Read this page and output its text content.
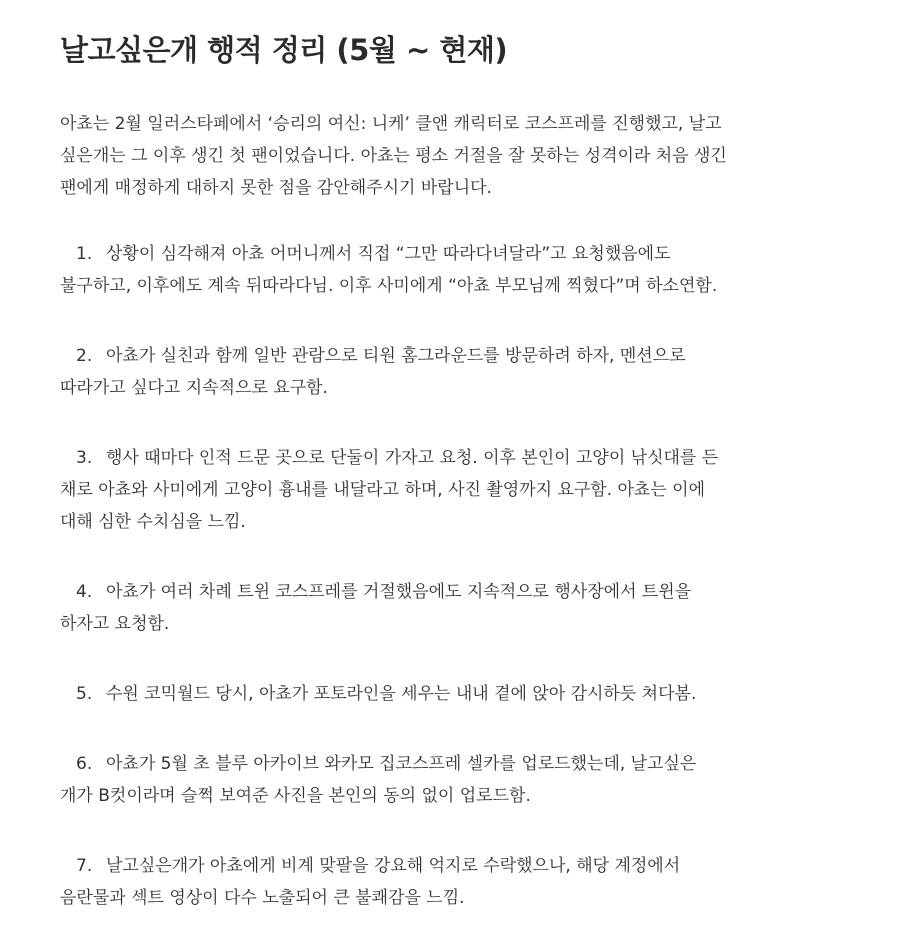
날고싶은개 행적 정리 (5월 ~ 현재)

아쵸는 2월 일러스타페에서 ‘승리의 여신: 니케’ 클앤 캐릭터로 코스프레를 진행했고, 날고
싶은개는 그 이후 생긴 첫 팬이었습니다. 아쵸는 평소 거절을 잘 못하는 성격이라 처음 생긴
팬에게 매정하게 대하지 못한 점을 감안해주시기 바랍니다.

1. 상황이 심각해져 아쵸 어머니께서 직접 “그만 따라다녀달라”고 요청했음에도
불구하고, 이후에도 계속 뒤따라다님. 이후 사미에게 “아쵸 부모님께 찍혔다”며 하소연함.
2. 아쵸가 실친과 함께 일반 관람으로 티원 홈그라운드를 방문하려 하자, 멘션으로
따라가고 싶다고 지속적으로 요구함.
3. 행사 때마다 인적 드문 곳으로 단둘이 가자고 요청. 이후 본인이 고양이 낚싯대를 든
채로 아쵸와 사미에게 고양이 흉내를 내달라고 하며, 사진 촬영까지 요구함. 아쵸는 이에
대해 심한 수치심을 느낌.
4. 아쵸가 여러 차례 트윈 코스프레를 거절했음에도 지속적으로 행사장에서 트윈을
하자고 요청함.
5. 수원 코믹월드 당시, 아쵸가 포토라인을 세우는 내내 곁에 앉아 감시하듯 쳐다봄.
6. 아쵸가 5월 초 블루 아카이브 와카모 집코스프레 셀카를 업로드했는데, 날고싶은
개가 B컷이라며 슬쩍 보여준 사진을 본인의 동의 없이 업로드함.
7. 날고싶은개가 아쵸에게 비계 맞팔을 강요해 억지로 수락했으나, 해당 계정에서
음란물과 섹트 영상이 다수 노출되어 큰 불쾌감을 느낌.
